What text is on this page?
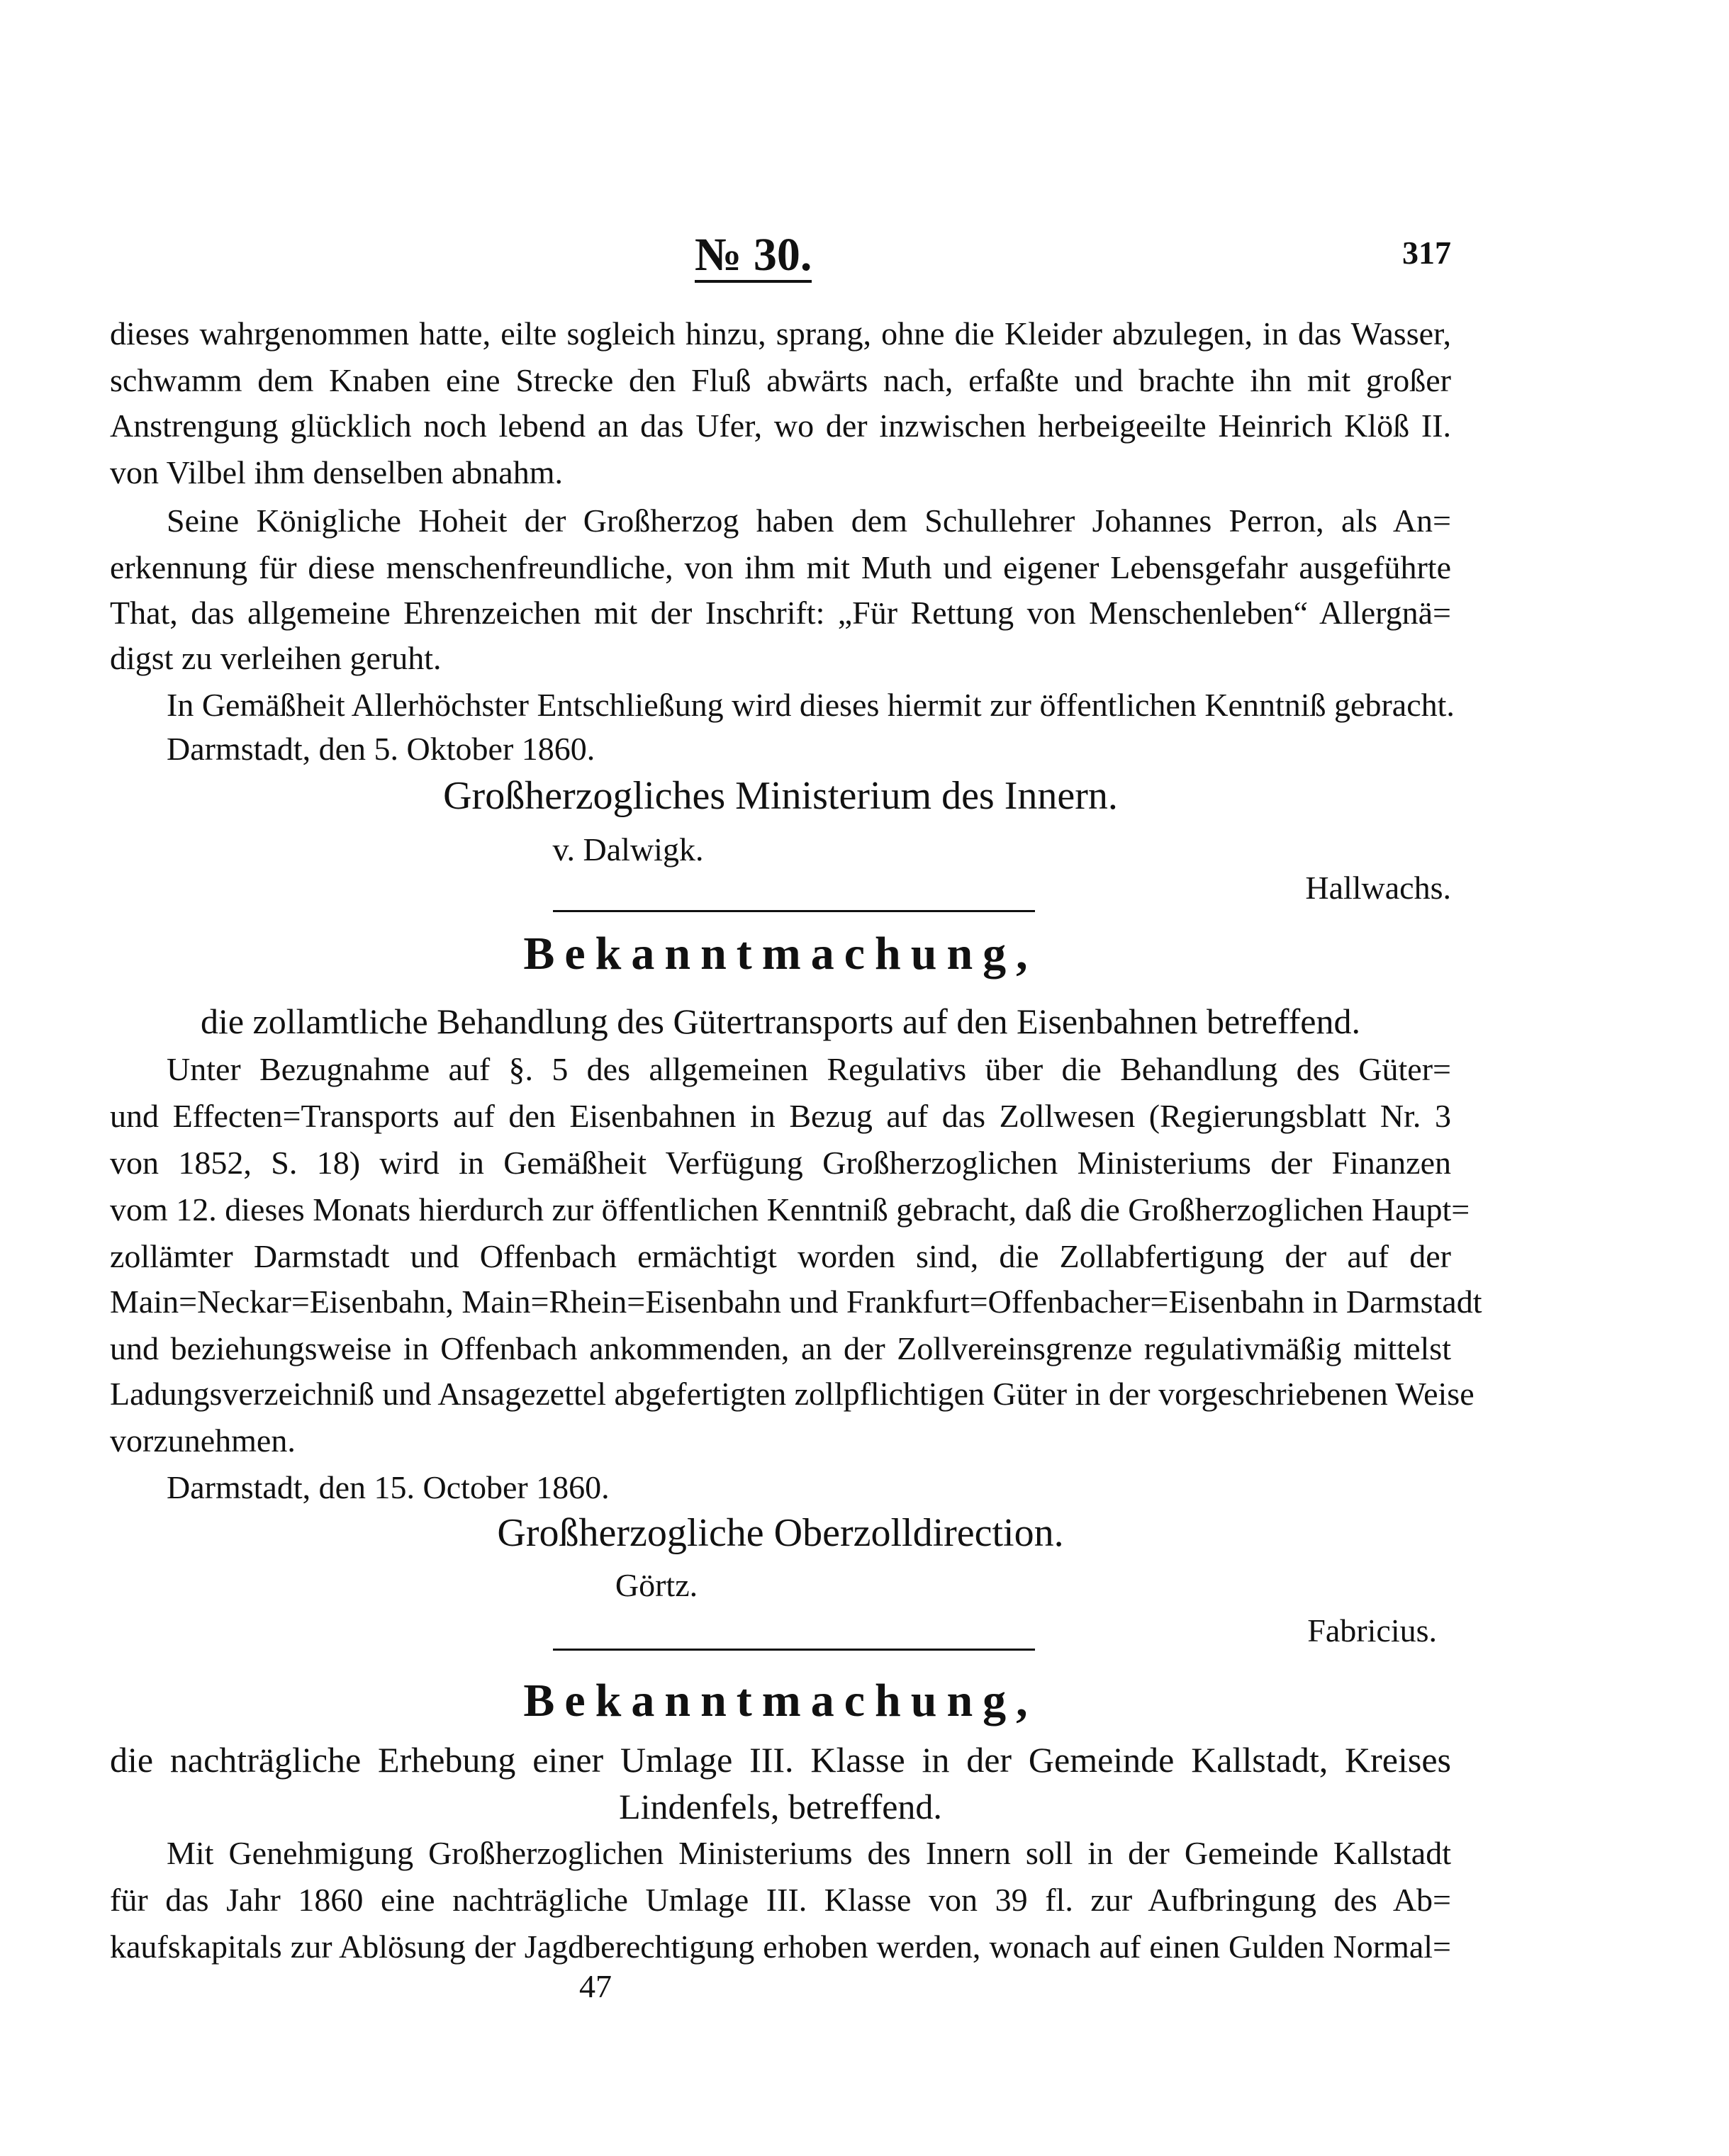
№ 30.	317
dieses wahrgenommen hatte, eilte sogleich hinzu, sprang, ohne die Kleider abzulegen, in das Wasser,
schwamm dem Knaben eine Strecke den Fluß abwärts nach, erfaßte und brachte ihn mit großer
Anstrengung glücklich noch lebend an das Ufer, wo der inzwischen herbeigeeilte Heinrich Klöß II.
von Vilbel ihm denselben abnahm.
Seine Königliche Hoheit der Großherzog haben dem Schullehrer Johannes Perron, als An=
erkennung für diese menschenfreundliche, von ihm mit Muth und eigener Lebensgefahr ausgeführte
That, das allgemeine Ehrenzeichen mit der Inschrift: „Für Rettung von Menschenleben“ Allergnä=
digst zu verleihen geruht.
In Gemäßheit Allerhöchster Entschließung wird dieses hiermit zur öffentlichen Kenntniß gebracht.
Darmstadt, den 5. Oktober 1860.
Großherzogliches Ministerium des Innern.
v. Dalwigk.
Hallwachs.
Bekanntmachung,
die zollamtliche Behandlung des Gütertransports auf den Eisenbahnen betreffend.
Unter Bezugnahme auf §. 5 des allgemeinen Regulativs über die Behandlung des Güter=
und Effecten=Transports auf den Eisenbahnen in Bezug auf das Zollwesen (Regierungsblatt Nr. 3
von 1852, S. 18) wird in Gemäßheit Verfügung Großherzoglichen Ministeriums der Finanzen
vom 12. dieses Monats hierdurch zur öffentlichen Kenntniß gebracht, daß die Großherzoglichen Haupt=
zollämter Darmstadt und Offenbach ermächtigt worden sind, die Zollabfertigung der auf der
Main=Neckar=Eisenbahn, Main=Rhein=Eisenbahn und Frankfurt=Offenbacher=Eisenbahn in Darmstadt
und beziehungsweise in Offenbach ankommenden, an der Zollvereinsgrenze regulativmäßig mittelst
Ladungsverzeichniß und Ansagezettel abgefertigten zollpflichtigen Güter in der vorgeschriebenen Weise
vorzunehmen.
Darmstadt, den 15. October 1860.
Großherzogliche Oberzolldirection.
Görtz.
Fabricius.
Bekanntmachung,
die nachträgliche Erhebung einer Umlage III. Klasse in der Gemeinde Kallstadt, Kreises
Lindenfels, betreffend.
Mit Genehmigung Großherzoglichen Ministeriums des Innern soll in der Gemeinde Kallstadt
für das Jahr 1860 eine nachträgliche Umlage III. Klasse von 39 fl. zur Aufbringung des Ab=
kaufskapitals zur Ablösung der Jagdberechtigung erhoben werden, wonach auf einen Gulden Normal=
47
